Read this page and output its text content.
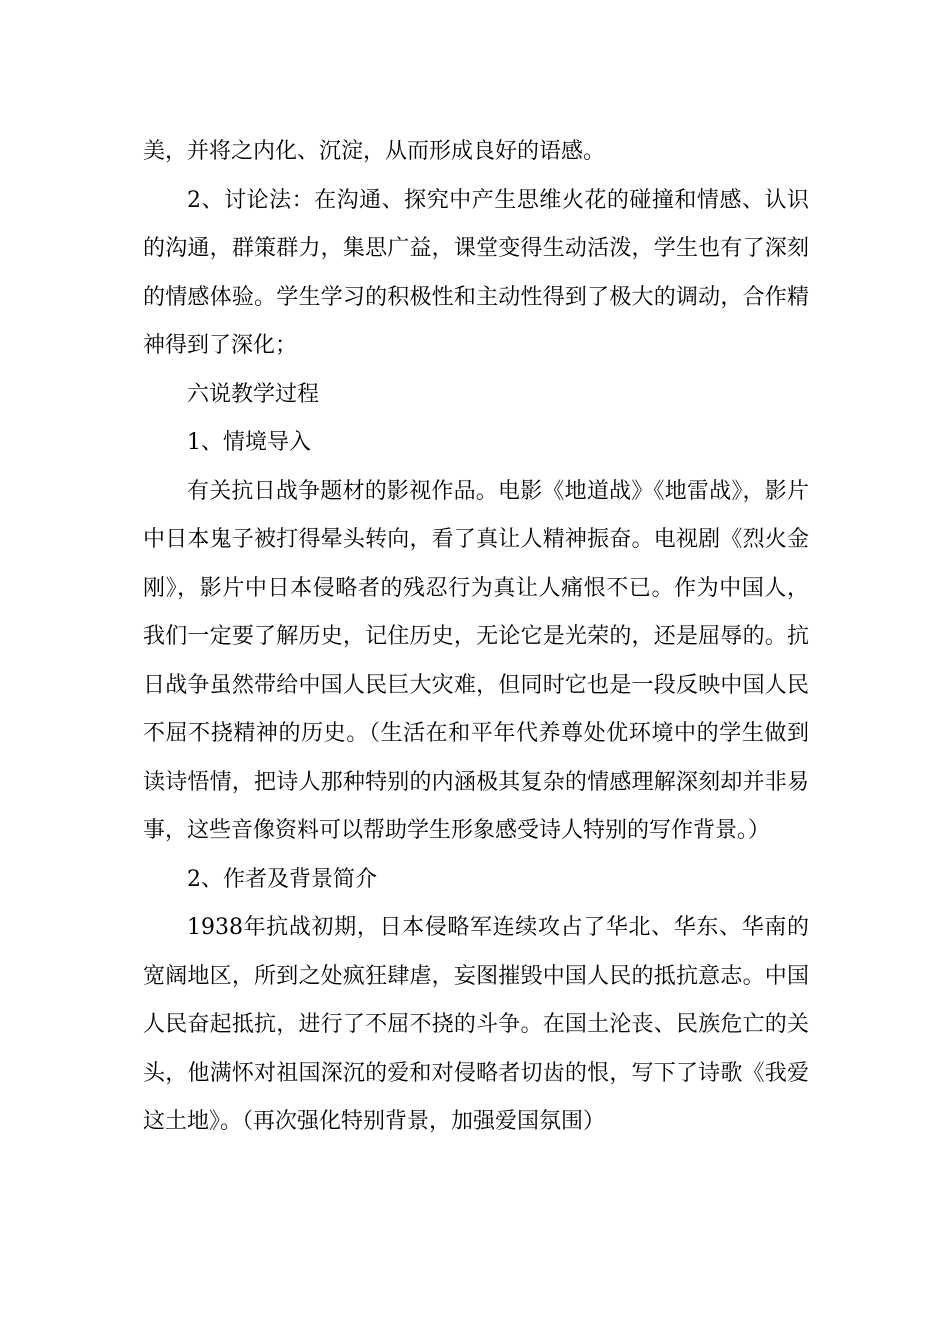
美，并将之内化、沉淀，从而形成良好的语感。

2、讨论法：在沟通、探究中产生思维火花的碰撞和情感、认识的沟通，群策群力，集思广益，课堂变得生动活泼，学生也有了深刻的情感体验。学生学习的积极性和主动性得到了极大的调动，合作精神得到了深化；

六说教学过程

1、情境导入

有关抗日战争题材的影视作品。电影《地道战》《地雷战》，影片中日本鬼子被打得晕头转向，看了真让人精神振奋。电视剧《烈火金刚》，影片中日本侵略者的残忍行为真让人痛恨不已。作为中国人，我们一定要了解历史，记住历史，无论它是光荣的，还是屈辱的。抗日战争虽然带给中国人民巨大灾难，但同时它也是一段反映中国人民不屈不挠精神的历史。（生活在和平年代养尊处优环境中的学生做到读诗悟情，把诗人那种特别的内涵极其复杂的情感理解深刻却并非易事，这些音像资料可以帮助学生形象感受诗人特别的写作背景。）

2、作者及背景简介

1938年抗战初期，日本侵略军连续攻占了华北、华东、华南的宽阔地区，所到之处疯狂肆虐，妄图摧毁中国人民的抵抗意志。中国人民奋起抵抗，进行了不屈不挠的斗争。在国土沦丧、民族危亡的关头，他满怀对祖国深沉的爱和对侵略者切齿的恨，写下了诗歌《我爱这土地》。（再次强化特别背景，加强爱国氛围）
